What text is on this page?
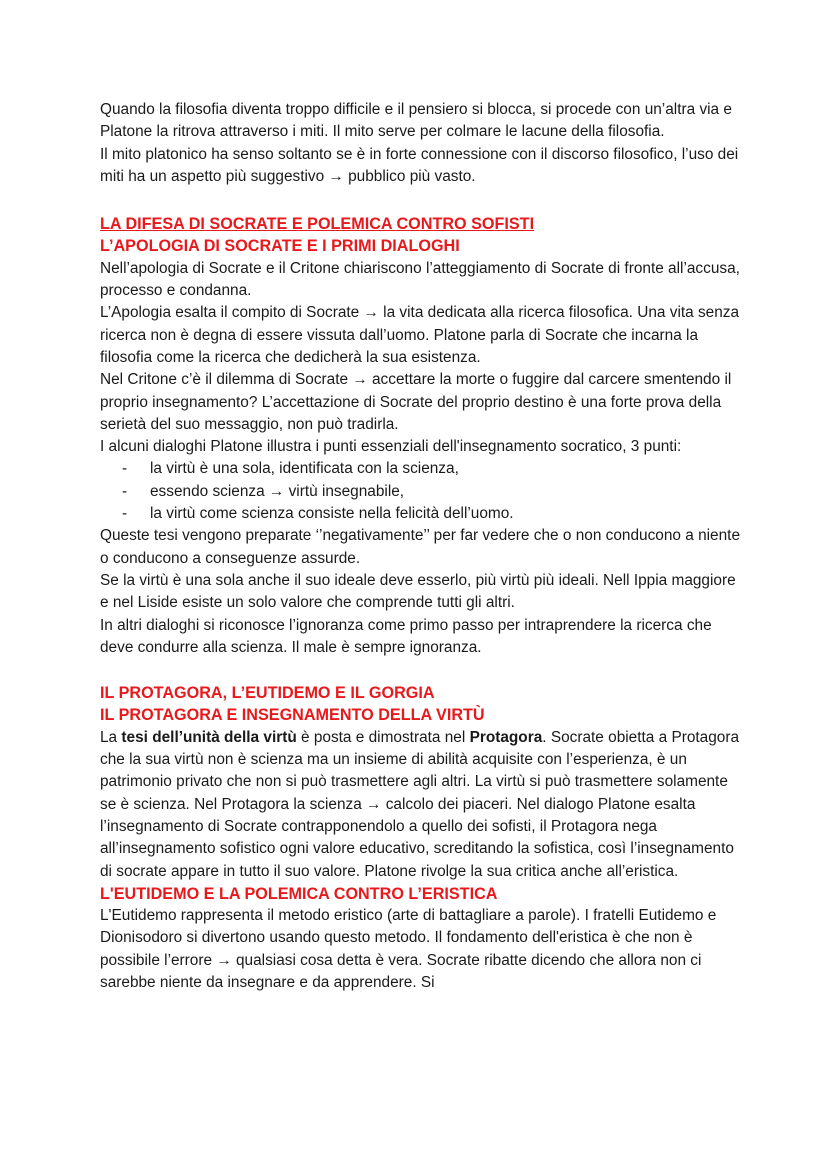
Quando la filosofia diventa troppo difficile e il pensiero si blocca, si procede con un’altra via e Platone la ritrova attraverso i miti. Il mito serve per colmare le lacune della filosofia.

Il mito platonico ha senso soltanto se è in forte connessione con il discorso filosofico, l’uso dei miti ha un aspetto più suggestivo → pubblico più vasto.

LA DIFESA DI SOCRATE E POLEMICA CONTRO SOFISTI

L’APOLOGIA DI SOCRATE E I PRIMI DIALOGHI

Nell’apologia di Socrate e il Critone chiariscono l’atteggiamento di Socrate di fronte all’accusa, processo e condanna.

L’Apologia esalta il compito di Socrate → la vita dedicata alla ricerca filosofica. Una vita senza ricerca non è degna di essere vissuta dall’uomo. Platone parla di Socrate che incarna la filosofia come la ricerca che dedicherà la sua esistenza.

Nel Critone c’è il dilemma di Socrate → accettare la morte o fuggire dal carcere smentendo il proprio insegnamento? L’accettazione di Socrate del proprio destino è una forte prova della serietà del suo messaggio, non può tradirla.

I alcuni dialoghi Platone illustra i punti essenziali dell'insegnamento socratico, 3 punti:

- la virtù è una sola, identificata con la scienza,
- essendo scienza → virtù insegnabile,
- la virtù come scienza consiste nella felicità dell’uomo.

Queste tesi vengono preparate ‘’negativamente’’ per far vedere che o non conducono a niente o conducono a conseguenze assurde.

Se la virtù è una sola anche il suo ideale deve esserlo, più virtù più ideali. Nell Ippia maggiore e nel Liside esiste un solo valore che comprende tutti gli altri.

In altri dialoghi si riconosce l’ignoranza come primo passo per intraprendere la ricerca che deve condurre alla scienza. Il male è sempre ignoranza.

IL PROTAGORA, L’EUTIDEMO E IL GORGIA

IL PROTAGORA E INSEGNAMENTO DELLA VIRTÙ

La tesi dell’unità della virtù è posta e dimostrata nel Protagora. Socrate obietta a Protagora che la sua virtù non è scienza ma un insieme di abilità acquisite con l’esperienza, è un patrimonio privato che non si può trasmettere agli altri. La virtù si può trasmettere solamente se è scienza. Nel Protagora la scienza → calcolo dei piaceri. Nel dialogo Platone esalta l’insegnamento di Socrate contrapponendolo a quello dei sofisti, il Protagora nega all’insegnamento sofistico ogni valore educativo, screditando la sofistica, così l’insegnamento di socrate appare in tutto il suo valore. Platone rivolge la sua critica anche all’eristica.

L'EUTIDEMO E LA POLEMICA CONTRO L’ERISTICA

L'Eutidemo rappresenta il metodo eristico (arte di battagliare a parole). I fratelli Eutidemo e Dionisodoro si divertono usando questo metodo. Il fondamento dell'eristica è che non è possibile l’errore → qualsiasi cosa detta è vera. Socrate ribatte dicendo che allora non ci sarebbe niente da insegnare e da apprendere. Si
